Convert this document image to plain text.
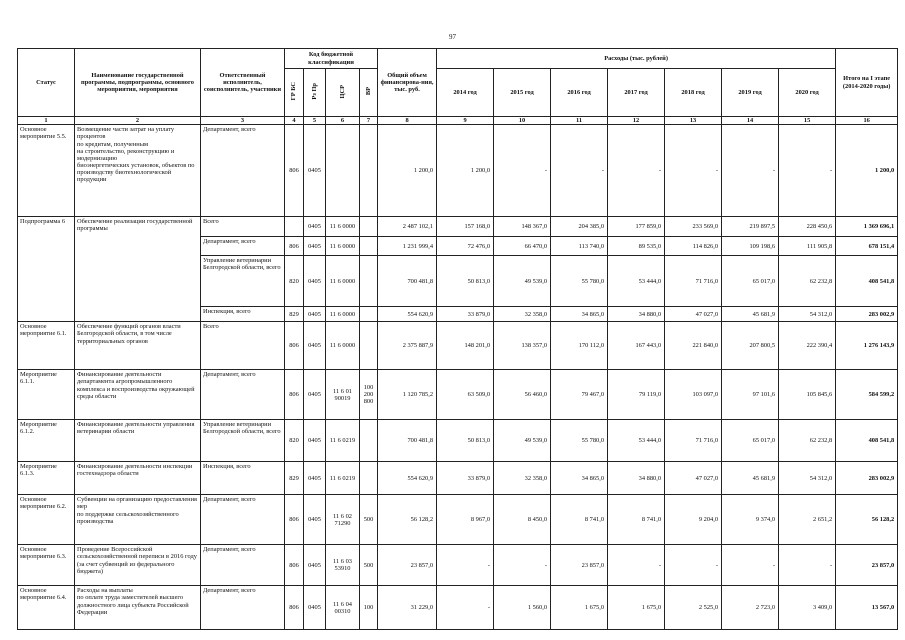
97
Статус	Наименование государственной программы, подпрограммы, основного мероприятия, мероприятия	Ответственный исполнитель, соисполнитель, участники	Код бюджетной классификации				Общий объем финансирова-ния, тыс. руб.	Расходы (тыс. рублей)							Итого на I этапе (2014-2020 годы)
			ГР БС	Рз Пр	ЦСР	ВР		2014 год	2015 год	2016 год	2017 год	2018 год	2019 год	2020 год	
1	2	3	4	5	6	7	8	9	10	11	12	13	14	15	16
Основное мероприятие 5.5.	Возмещение части затрат на уплату процентов
по кредитам, полученным
на строительство, реконструкцию и модернизацию
биоэнергетических установок, объектов по производству биотехнологической продукции	Департамент, всего	806	0405			1 200,0	1 200,0	-	-	-	-	-	-	1 200,0
Подпрограмма 6	Обеспечение реализации государственной программы	Всего		0405	11 6 0000		2 487 102,1	157 168,0	148 367,0	204 385,0	177 859,0	233 569,0	219 897,5	228 450,6	1 369 696,1
		Департамент, всего	806	0405	11 6 0000		1 231 999,4	72 476,0	66 470,0	113 740,0	89 535,0	114 826,0	109 198,6	111 905,8	678 151,4
		Управление ветеринарии Белгородской области, всего	820	0405	11 6 0000		700 481,8	50 813,0	49 539,0	55 780,0	53 444,0	71 716,0	65 017,0	62 232,8	408 541,8
		Инспекция, всего	829	0405	11 6 0000		554 620,9	33 879,0	32 358,0	34 865,0	34 880,0	47 027,0	45 681,9	54 312,0	283 002,9
Основное мероприятие 6.1.	Обеспечение функций органов власти Белгородской области, в том числе территориальных органов	Всего	806	0405	11 6 0000		2 375 887,9	148 201,0	138 357,0	170 112,0	167 443,0	221 840,0	207 800,5	222 390,4	1 276 143,9
Мероприятие 6.1.1.	Финансирование деятельности департамента агропромышленного комплекса и воспроизводства окружающей среды области	Департамент, всего	806	0405	11 6 01 90019	100 200 800	1 120 785,2	63 509,0	56 460,0	79 467,0	79 119,0	103 097,0	97 101,6	105 845,6	584 599,2
Мероприятие 6.1.2.	Финансирование деятельности управления ветеринарии области	Управление ветеринарии Белгородской области, всего	820	0405	11 6 0219		700 481,8	50 813,0	49 539,0	55 780,0	53 444,0	71 716,0	65 017,0	62 232,8	408 541,8
Мероприятие 6.1.3.	Финансирование деятельности инспекции гостехнадзора области	Инспекция, всего	829	0405	11 6 0219		554 620,9	33 879,0	32 358,0	34 865,0	34 880,0	47 027,0	45 681,9	54 312,0	283 002,9
Основное мероприятие 6.2.	Субвенции на организацию предоставления мер
по поддержке сельскохозяйственного производства	Департамент, всего	806	0405	11 6 02 71290	500	56 128,2	8 967,0	8 450,0	8 741,0	8 741,0	9 204,0	9 374,0	2 651,2	56 128,2
Основное мероприятие 6.3.	Проведение Всероссийской сельскохозяйственной переписи в 2016 году (за счет субвенций из федерального бюджета)	Департамент, всего	806	0405	11 6 03 53910	500	23 857,0	-	-	23 857,0	-	-	-	-	23 857,0
Основное мероприятие 6.4.	Расходы на выплаты
по оплате труда заместителей высшего должностного лица субъекта Российской Федерации	Департамент, всего	806	0405	11 6 04 00310	100	31 229,0	-	1 560,0	1 675,0	1 675,0	2 525,0	2 723,0	3 409,0	13 567,0
